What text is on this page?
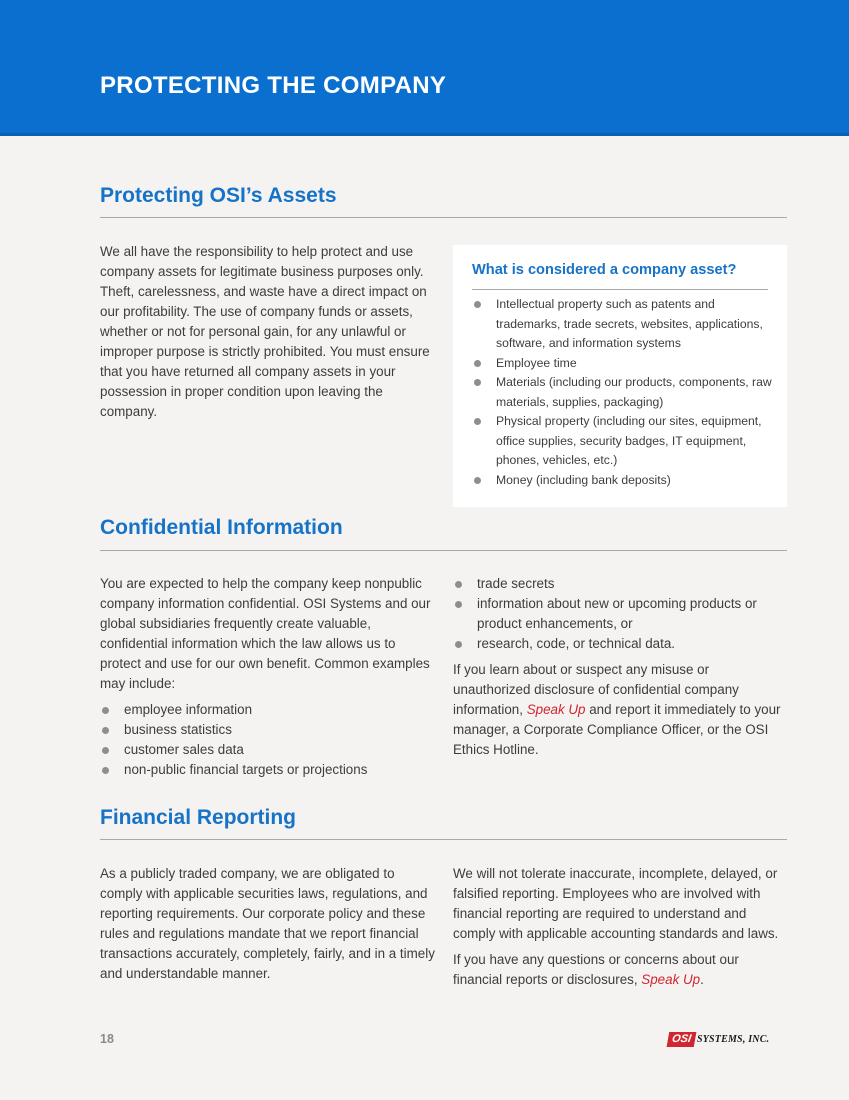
PROTECTING THE COMPANY
Protecting OSI’s Assets

We all have the responsibility to help protect and use company assets for legitimate business purposes only. Theft, carelessness, and waste have a direct impact on our profitability. The use of company funds or assets, whether or not for personal gain, for any unlawful or improper purpose is strictly prohibited. You must ensure that you have returned all company assets in your possession in proper condition upon leaving the company.

What is considered a company asset?
Intellectual property such as patents and trademarks, trade secrets, websites, applications, software, and information systems
Employee time
Materials (including our products, components, raw materials, supplies, packaging)
Physical property (including our sites, equipment, office supplies, security badges, IT equipment, phones, vehicles, etc.)
Money (including bank deposits)
Confidential Information

You are expected to help the company keep nonpublic company information confidential. OSI Systems and our global subsidiaries frequently create valuable, confidential information which the law allows us to protect and use for our own benefit. Common examples may include:

employee information
business statistics
customer sales data
non-public financial targets or projections
trade secrets
information about new or upcoming products or product enhancements, or
research, code, or technical data.

If you learn about or suspect any misuse or unauthorized disclosure of confidential company information, Speak Up and report it immediately to your manager, a Corporate Compliance Officer, or the OSI Ethics Hotline.

Financial Reporting

As a publicly traded company, we are obligated to comply with applicable securities laws, regulations, and reporting requirements. Our corporate policy and these rules and regulations mandate that we report financial transactions accurately, completely, fairly, and in a timely and understandable manner.

We will not tolerate inaccurate, incomplete, delayed, or falsified reporting. Employees who are involved with financial reporting are required to understand and comply with applicable accounting standards and laws.

If you have any questions or concerns about our financial reports or disclosures, Speak Up.

18	OSI SYSTEMS, INC.
